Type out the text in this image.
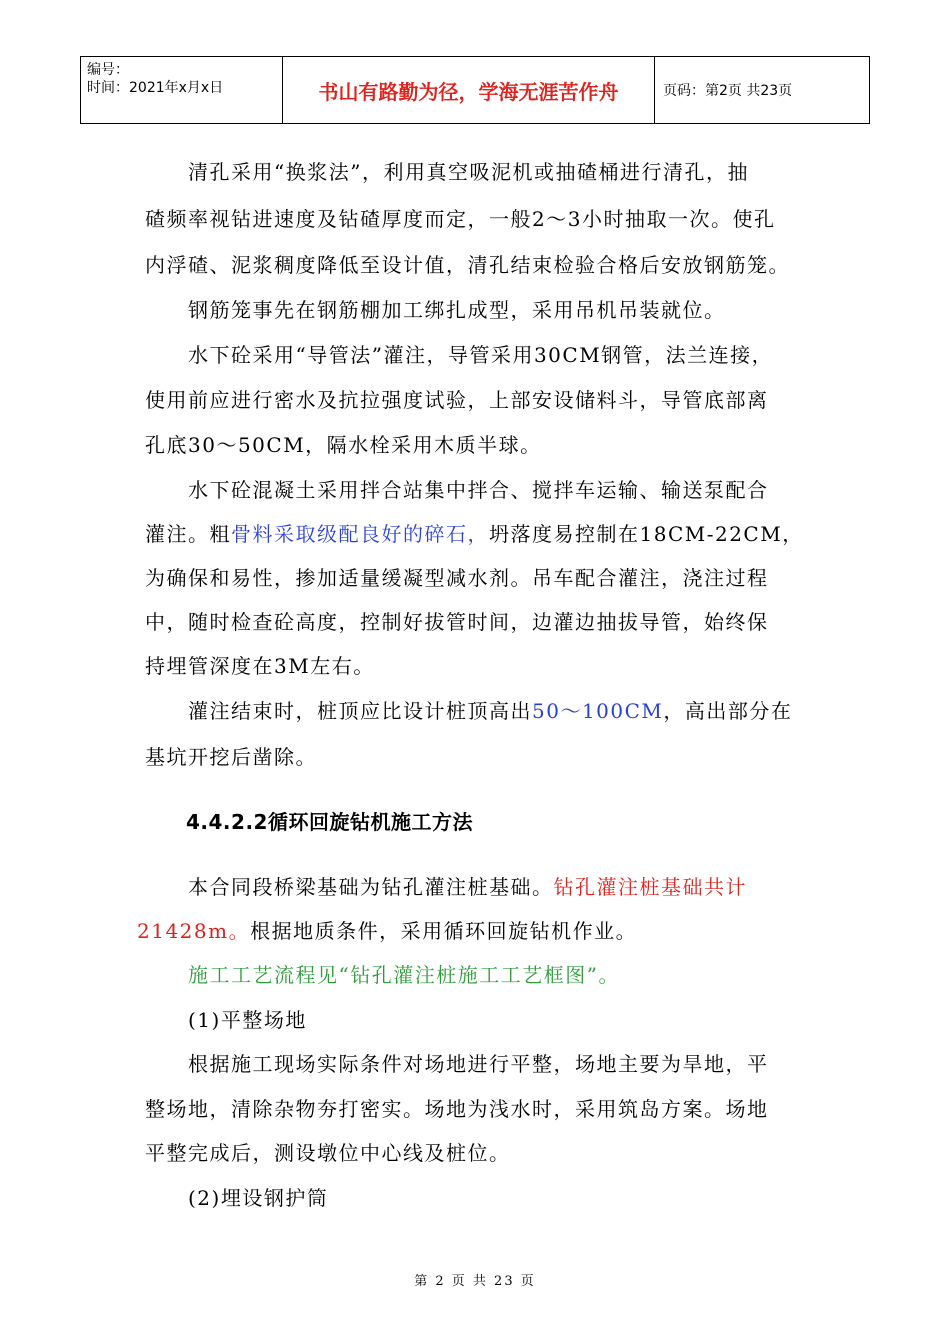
编号：
时间：2021年x月x日	书山有路勤为径，学海无涯苦作舟	页码：第2页 共23页
　　清孔采用“换浆法”，利用真空吸泥机或抽碴桶进行清孔，抽
碴频率视钻进速度及钻碴厚度而定，一般2～3小时抽取一次。使孔
内浮碴、泥浆稠度降低至设计值，清孔结束检验合格后安放钢筋笼。
　　钢筋笼事先在钢筋棚加工绑扎成型，采用吊机吊装就位。
　　水下砼采用“导管法”灌注，导管采用30CM钢管，法兰连接，
使用前应进行密水及抗拉强度试验，上部安设储料斗，导管底部离
孔底30～50CM，隔水栓采用木质半球。
　　水下砼混凝土采用拌合站集中拌合、搅拌车运输、输送泵配合
灌注。粗骨料采取级配良好的碎石，坍落度易控制在18CM-22CM，
为确保和易性，掺加适量缓凝型减水剂。吊车配合灌注，浇注过程
中，随时检查砼高度，控制好拔管时间，边灌边抽拔导管，始终保
持埋管深度在3M左右。
　　灌注结束时，桩顶应比设计桩顶高出50～100CM，高出部分在
基坑开挖后凿除。
4.4.2.2循环回旋钻机施工方法
　　本合同段桥梁基础为钻孔灌注桩基础。钻孔灌注桩基础共计
21428m。根据地质条件，采用循环回旋钻机作业。
　　施工工艺流程见“钻孔灌注桩施工工艺框图”。
　　(1)平整场地
　　根据施工现场实际条件对场地进行平整，场地主要为旱地，平
整场地，清除杂物夯打密实。场地为浅水时，采用筑岛方案。场地
平整完成后，测设墩位中心线及桩位。
　　(2)埋设钢护筒
第 2 页 共 23 页
